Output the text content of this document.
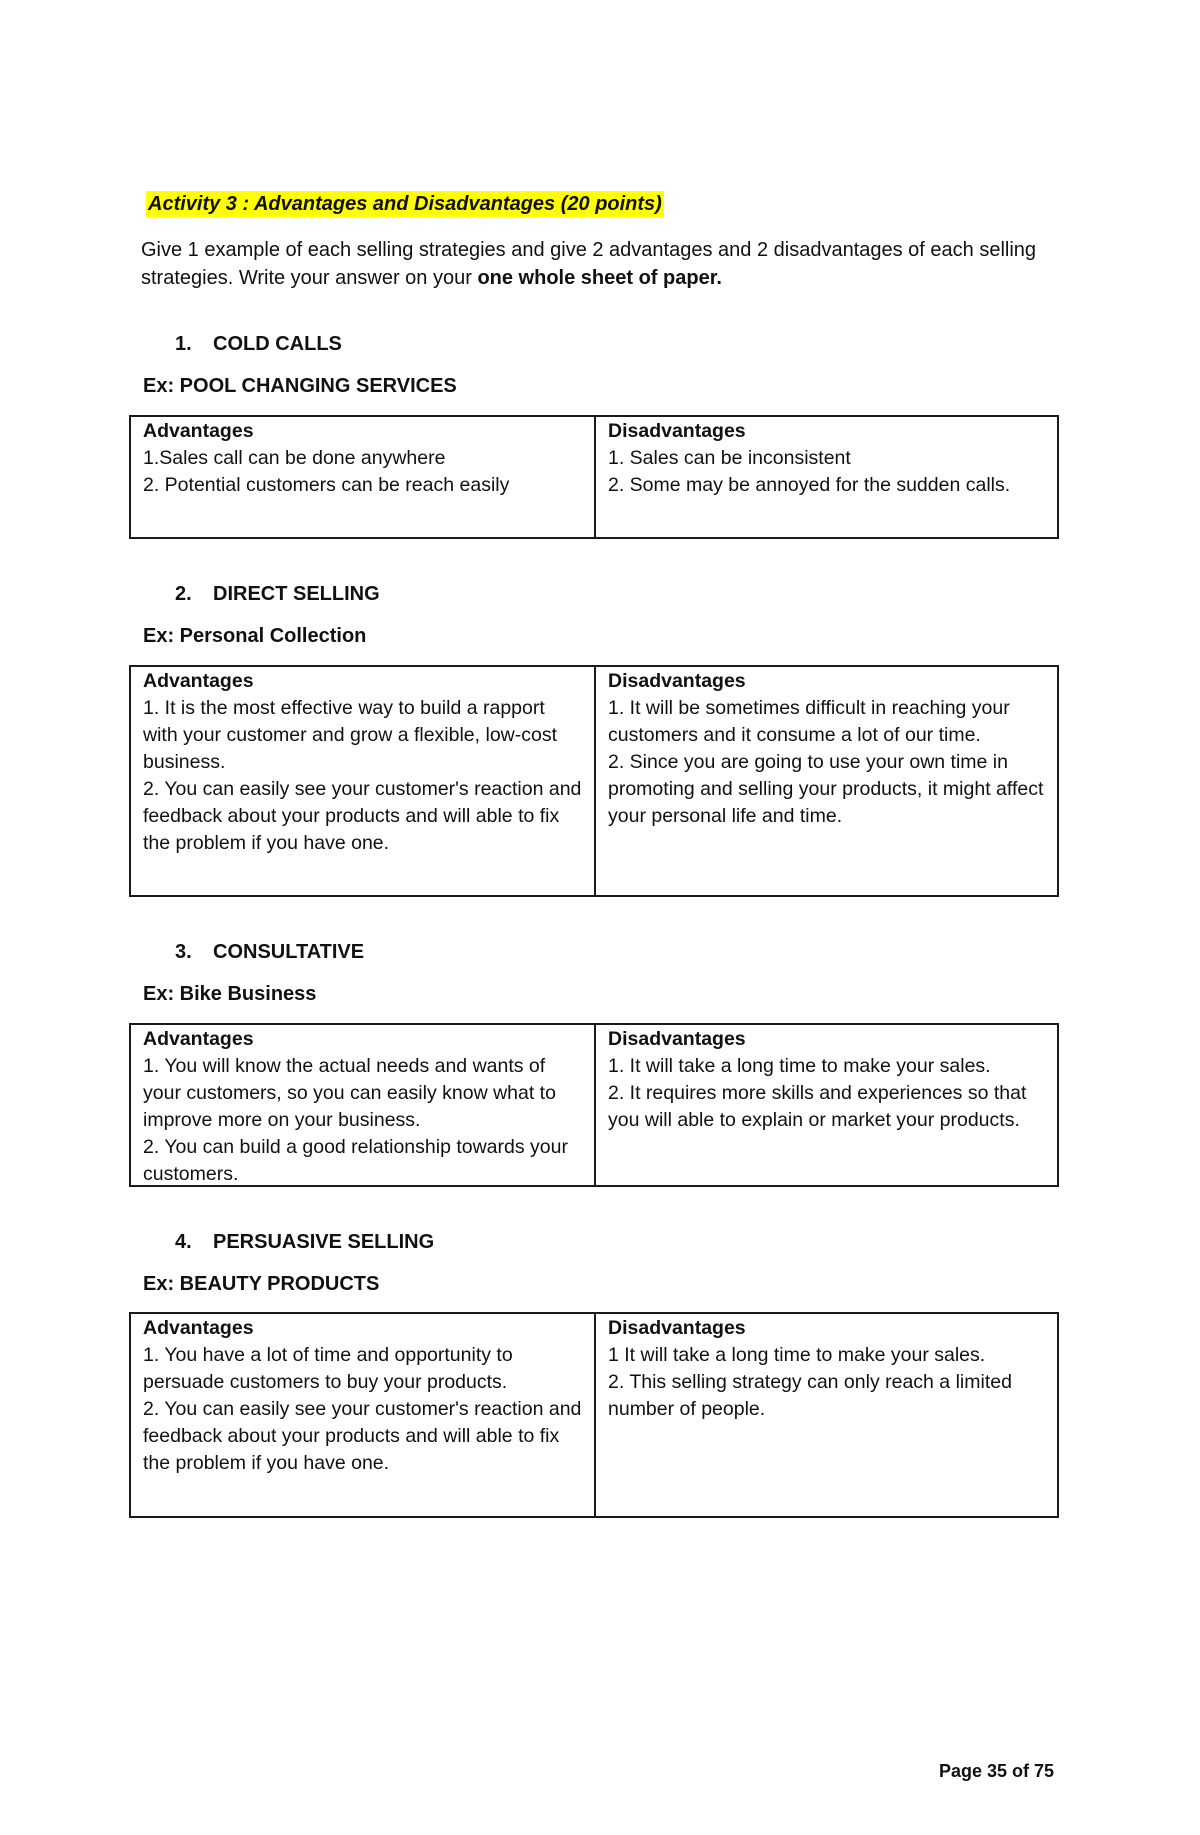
Activity 3 : Advantages and Disadvantages (20 points)
Give 1 example of each selling strategies and give 2 advantages and 2 disadvantages of each selling strategies. Write your answer on your one whole sheet of paper.
1. COLD CALLS
Ex: POOL CHANGING SERVICES
Advantages
1.Sales call can be done anywhere
2. Potential customers can be reach easily
Disadvantages
1. Sales can be inconsistent
2. Some may be annoyed for the sudden calls.
2. DIRECT SELLING
Ex: Personal Collection
Advantages
1. It is the most effective way to build a rapport with your customer and grow a flexible, low-cost business.
2. You can easily see your customer's reaction and feedback about your products and will able to fix the problem if you have one.
Disadvantages
1. It will be sometimes difficult in reaching your customers and it consume a lot of our time.
2. Since you are going to use your own time in promoting and selling your products, it might affect your personal life and time.
3. CONSULTATIVE
Ex: Bike Business
Advantages
1. You will know the actual needs and wants of your customers, so you can easily know what to improve more on your business.
2. You can build a good relationship towards your customers.
Disadvantages
1. It will take a long time to make your sales.
2. It requires more skills and experiences so that you will able to explain or market your products.
4. PERSUASIVE SELLING
Ex: BEAUTY PRODUCTS
Advantages
1. You have a lot of time and opportunity to persuade customers to buy your products.
2. You can easily see your customer's reaction and feedback about your products and will able to fix the problem if you have one.
Disadvantages
1 It will take a long time to make your sales.
2. This selling strategy can only reach a limited number of people.
Page 35 of 75
